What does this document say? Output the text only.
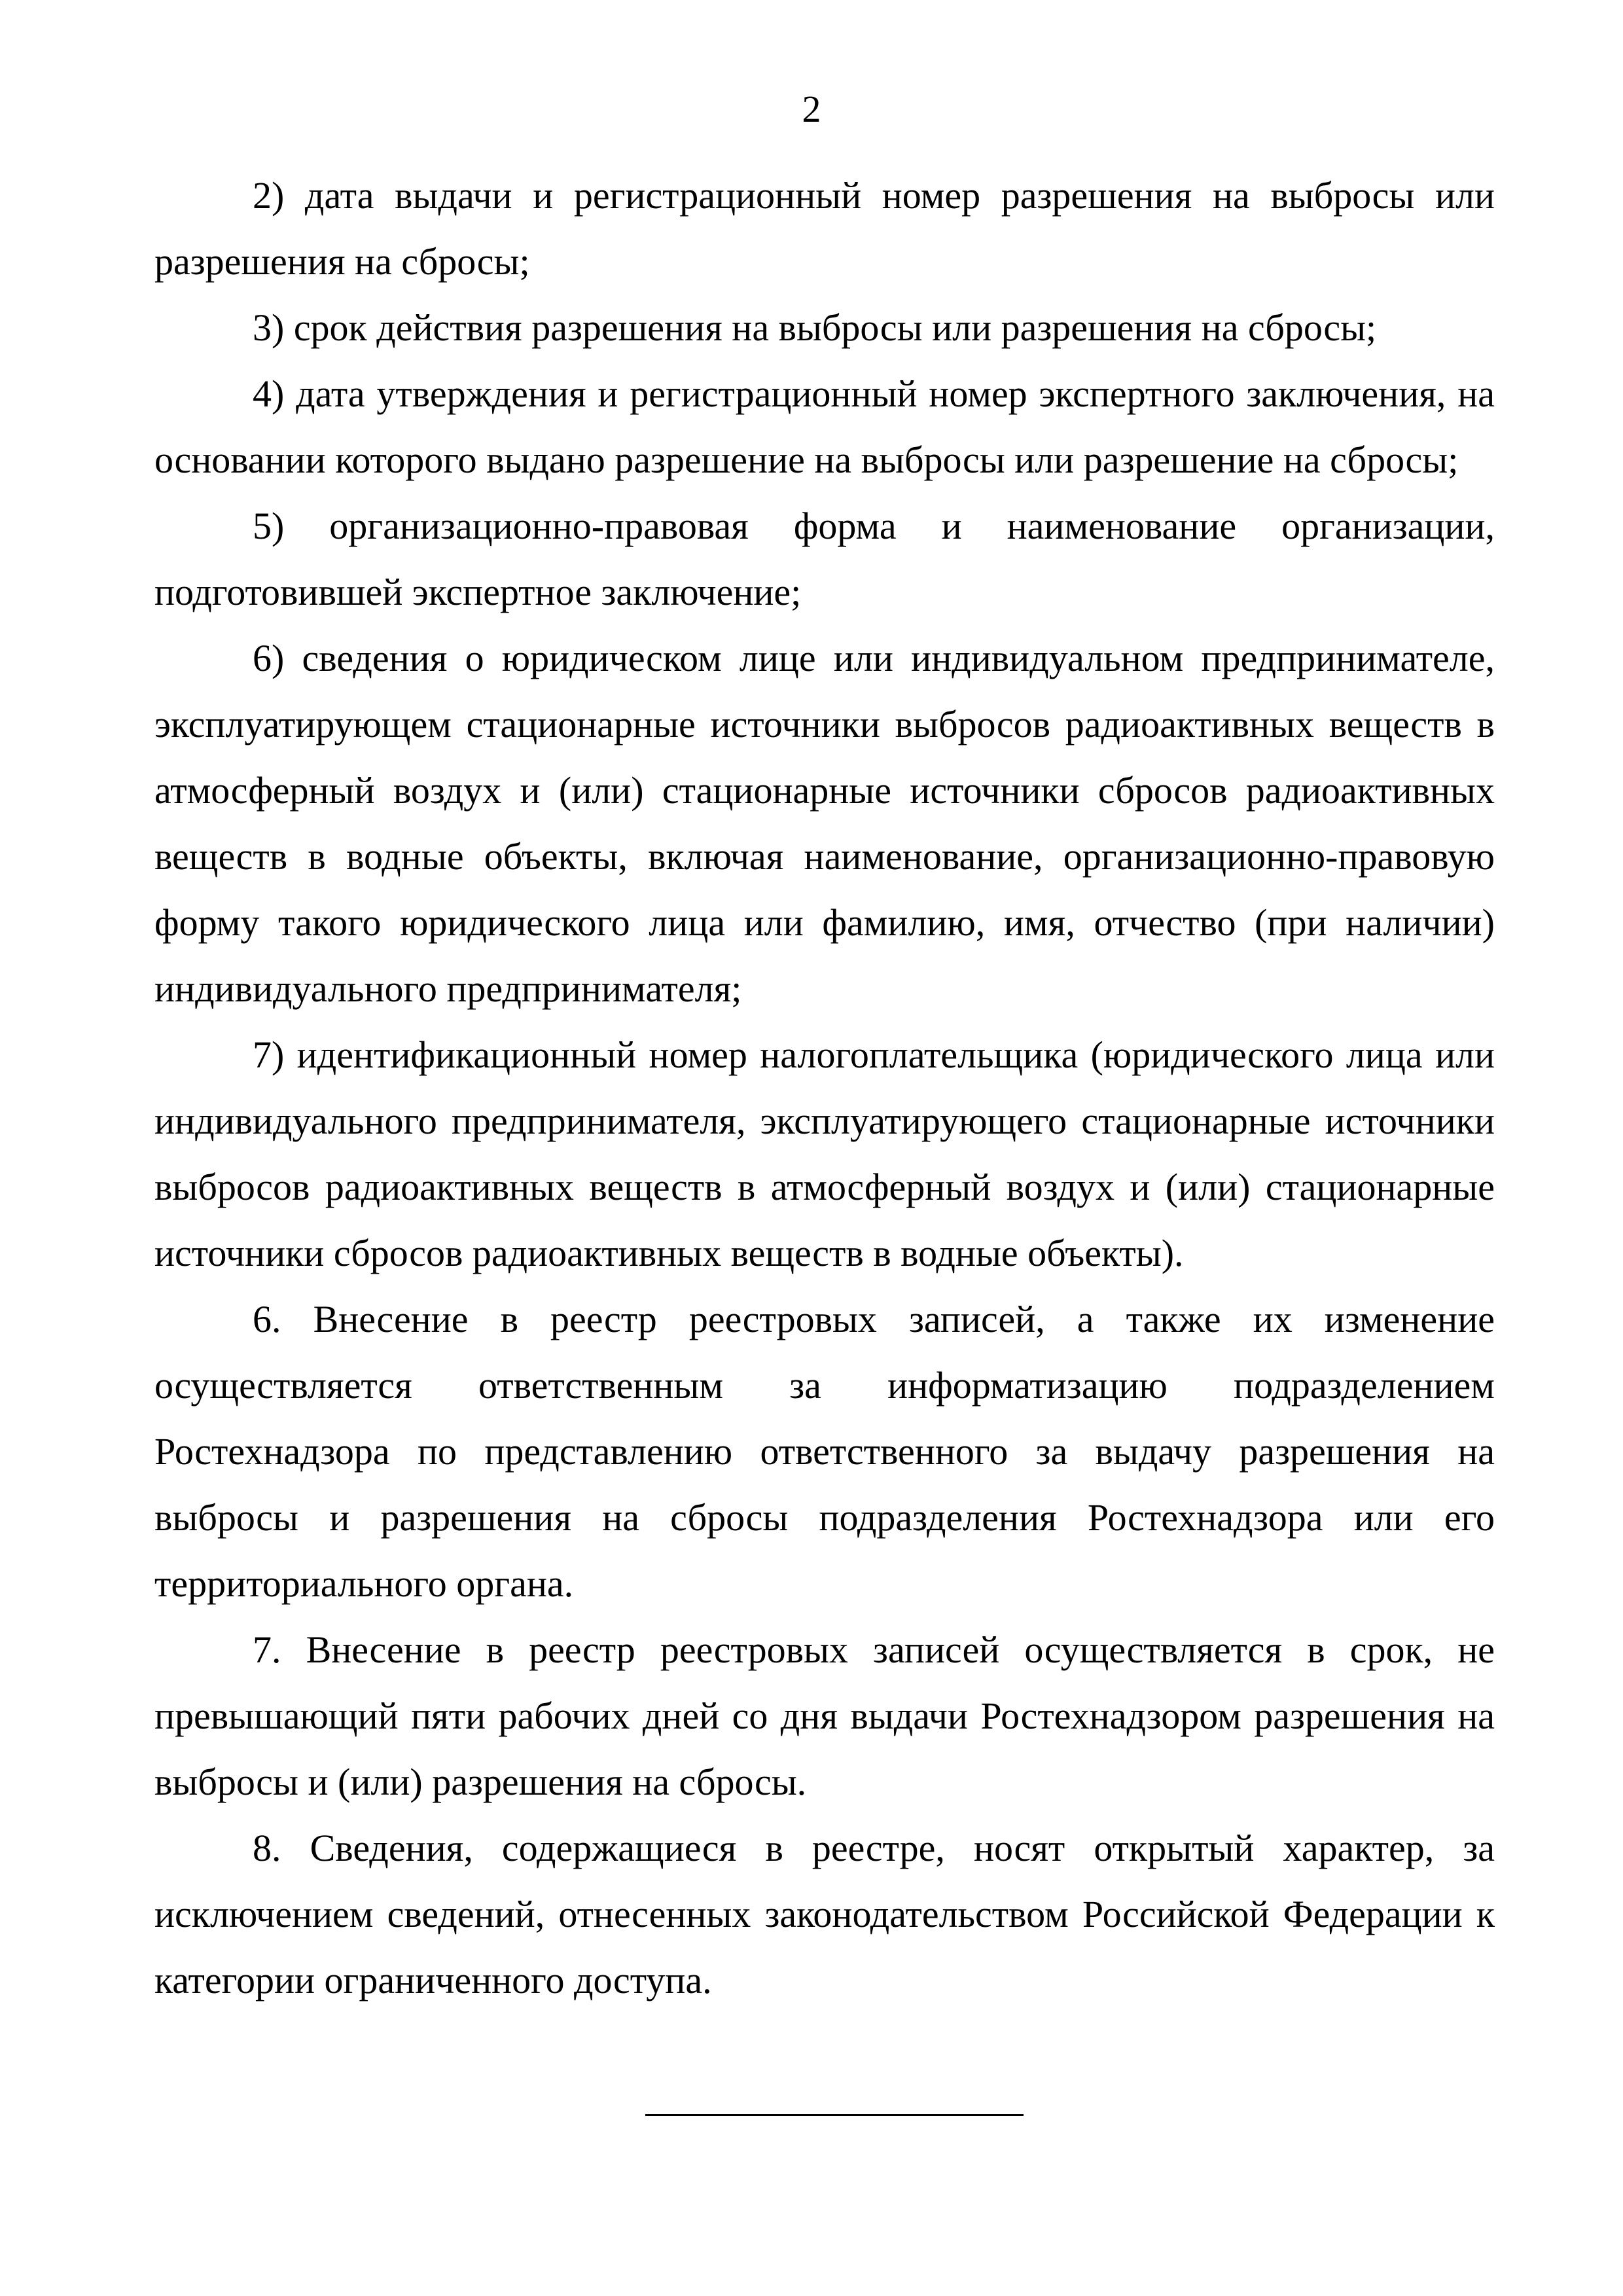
2

2) дата выдачи и регистрационный номер разрешения на выбросы или разрешения на сбросы;

3) срок действия разрешения на выбросы или разрешения на сбросы;

4) дата утверждения и регистрационный номер экспертного заключения, на основании которого выдано разрешение на выбросы или разрешение на сбросы;

5) организационно-правовая форма и наименование организации, подготовившей экспертное заключение;

6) сведения о юридическом лице или индивидуальном предпринимателе, эксплуатирующем стационарные источники выбросов радиоактивных веществ в атмосферный воздух и (или) стационарные источники сбросов радиоактивных веществ в водные объекты, включая наименование, организационно-правовую форму такого юридического лица или фамилию, имя, отчество (при наличии) индивидуального предпринимателя;

7) идентификационный номер налогоплательщика (юридического лица или индивидуального предпринимателя, эксплуатирующего стационарные источники выбросов радиоактивных веществ в атмосферный воздух и (или) стационарные источники сбросов радиоактивных веществ в водные объекты).

6. Внесение в реестр реестровых записей, а также их изменение осуществляется ответственным за информатизацию подразделением Ростехнадзора по представлению ответственного за выдачу разрешения на выбросы и разрешения на сбросы подразделения Ростехнадзора или его территориального органа.

7. Внесение в реестр реестровых записей осуществляется в срок, не превышающий пяти рабочих дней со дня выдачи Ростехнадзором разрешения на выбросы и (или) разрешения на сбросы.

8. Сведения, содержащиеся в реестре, носят открытый характер, за исключением сведений, отнесенных законодательством Российской Федерации к категории ограниченного доступа.
